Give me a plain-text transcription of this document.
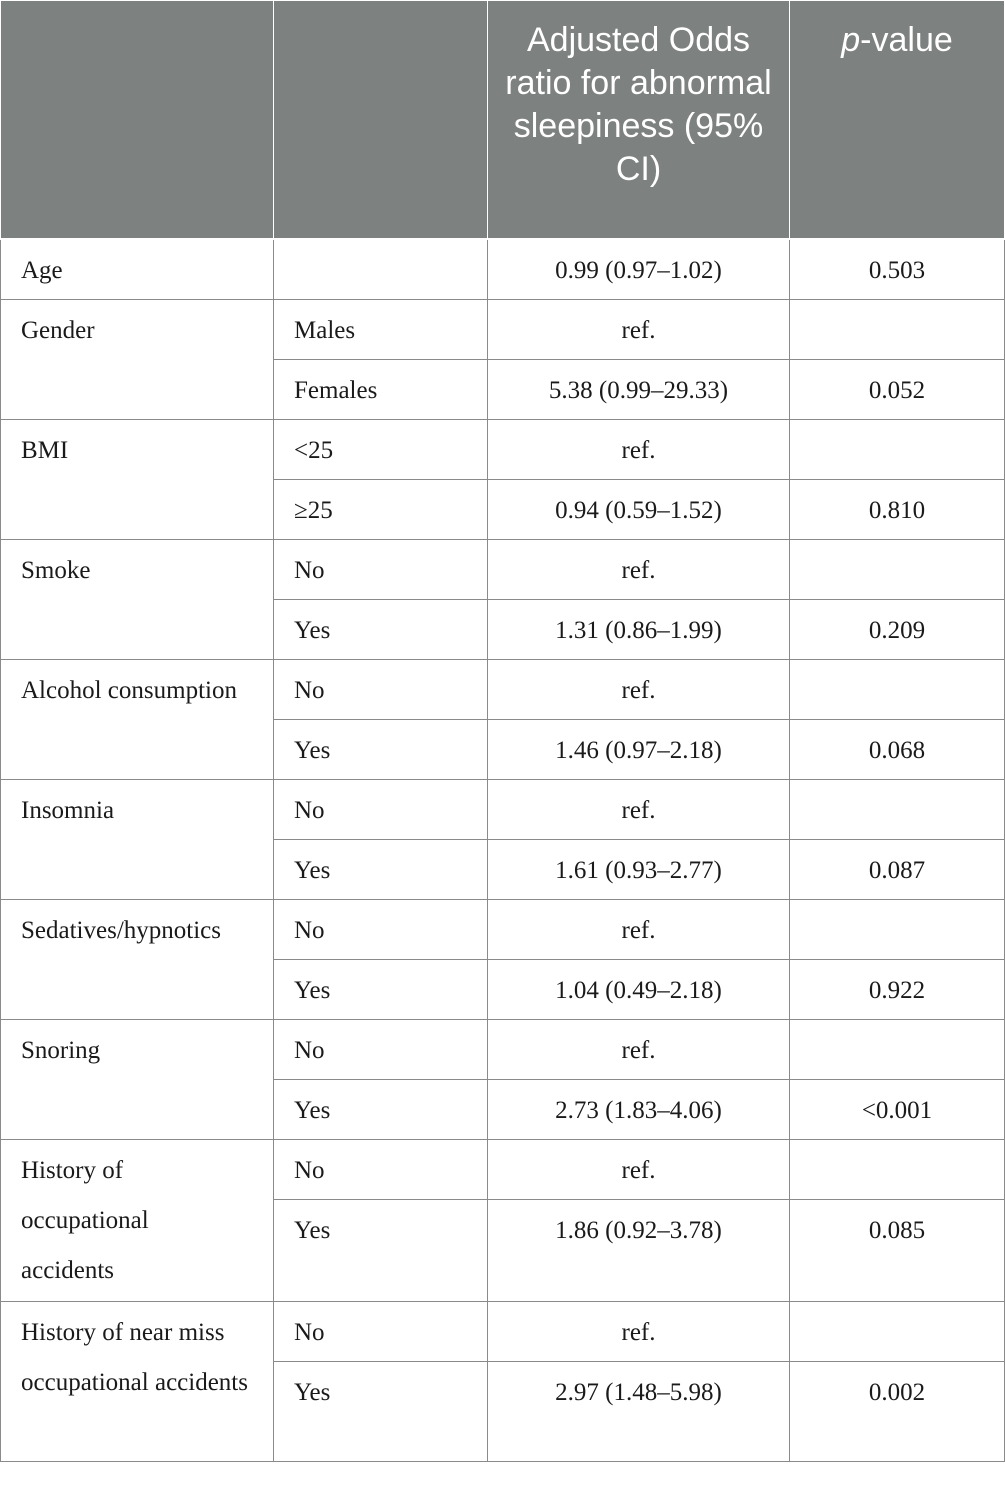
		Adjusted Odds ratio for abnormal sleepiness (95% CI)	p-value
Age		0.99 (0.97–1.02)	0.503
Gender	Males	ref.	
	Females	5.38 (0.99–29.33)	0.052
BMI	<25	ref.	
	≥25	0.94 (0.59–1.52)	0.810
Smoke	No	ref.	
	Yes	1.31 (0.86–1.99)	0.209
Alcohol consumption	No	ref.	
	Yes	1.46 (0.97–2.18)	0.068
Insomnia	No	ref.	
	Yes	1.61 (0.93–2.77)	0.087
Sedatives/hypnotics	No	ref.	
	Yes	1.04 (0.49–2.18)	0.922
Snoring	No	ref.	
	Yes	2.73 (1.83–4.06)	<0.001
History of occupational accidents	No	ref.	
	Yes	1.86 (0.92–3.78)	0.085
History of near miss occupational accidents	No	ref.	
	Yes	2.97 (1.48–5.98)	0.002
